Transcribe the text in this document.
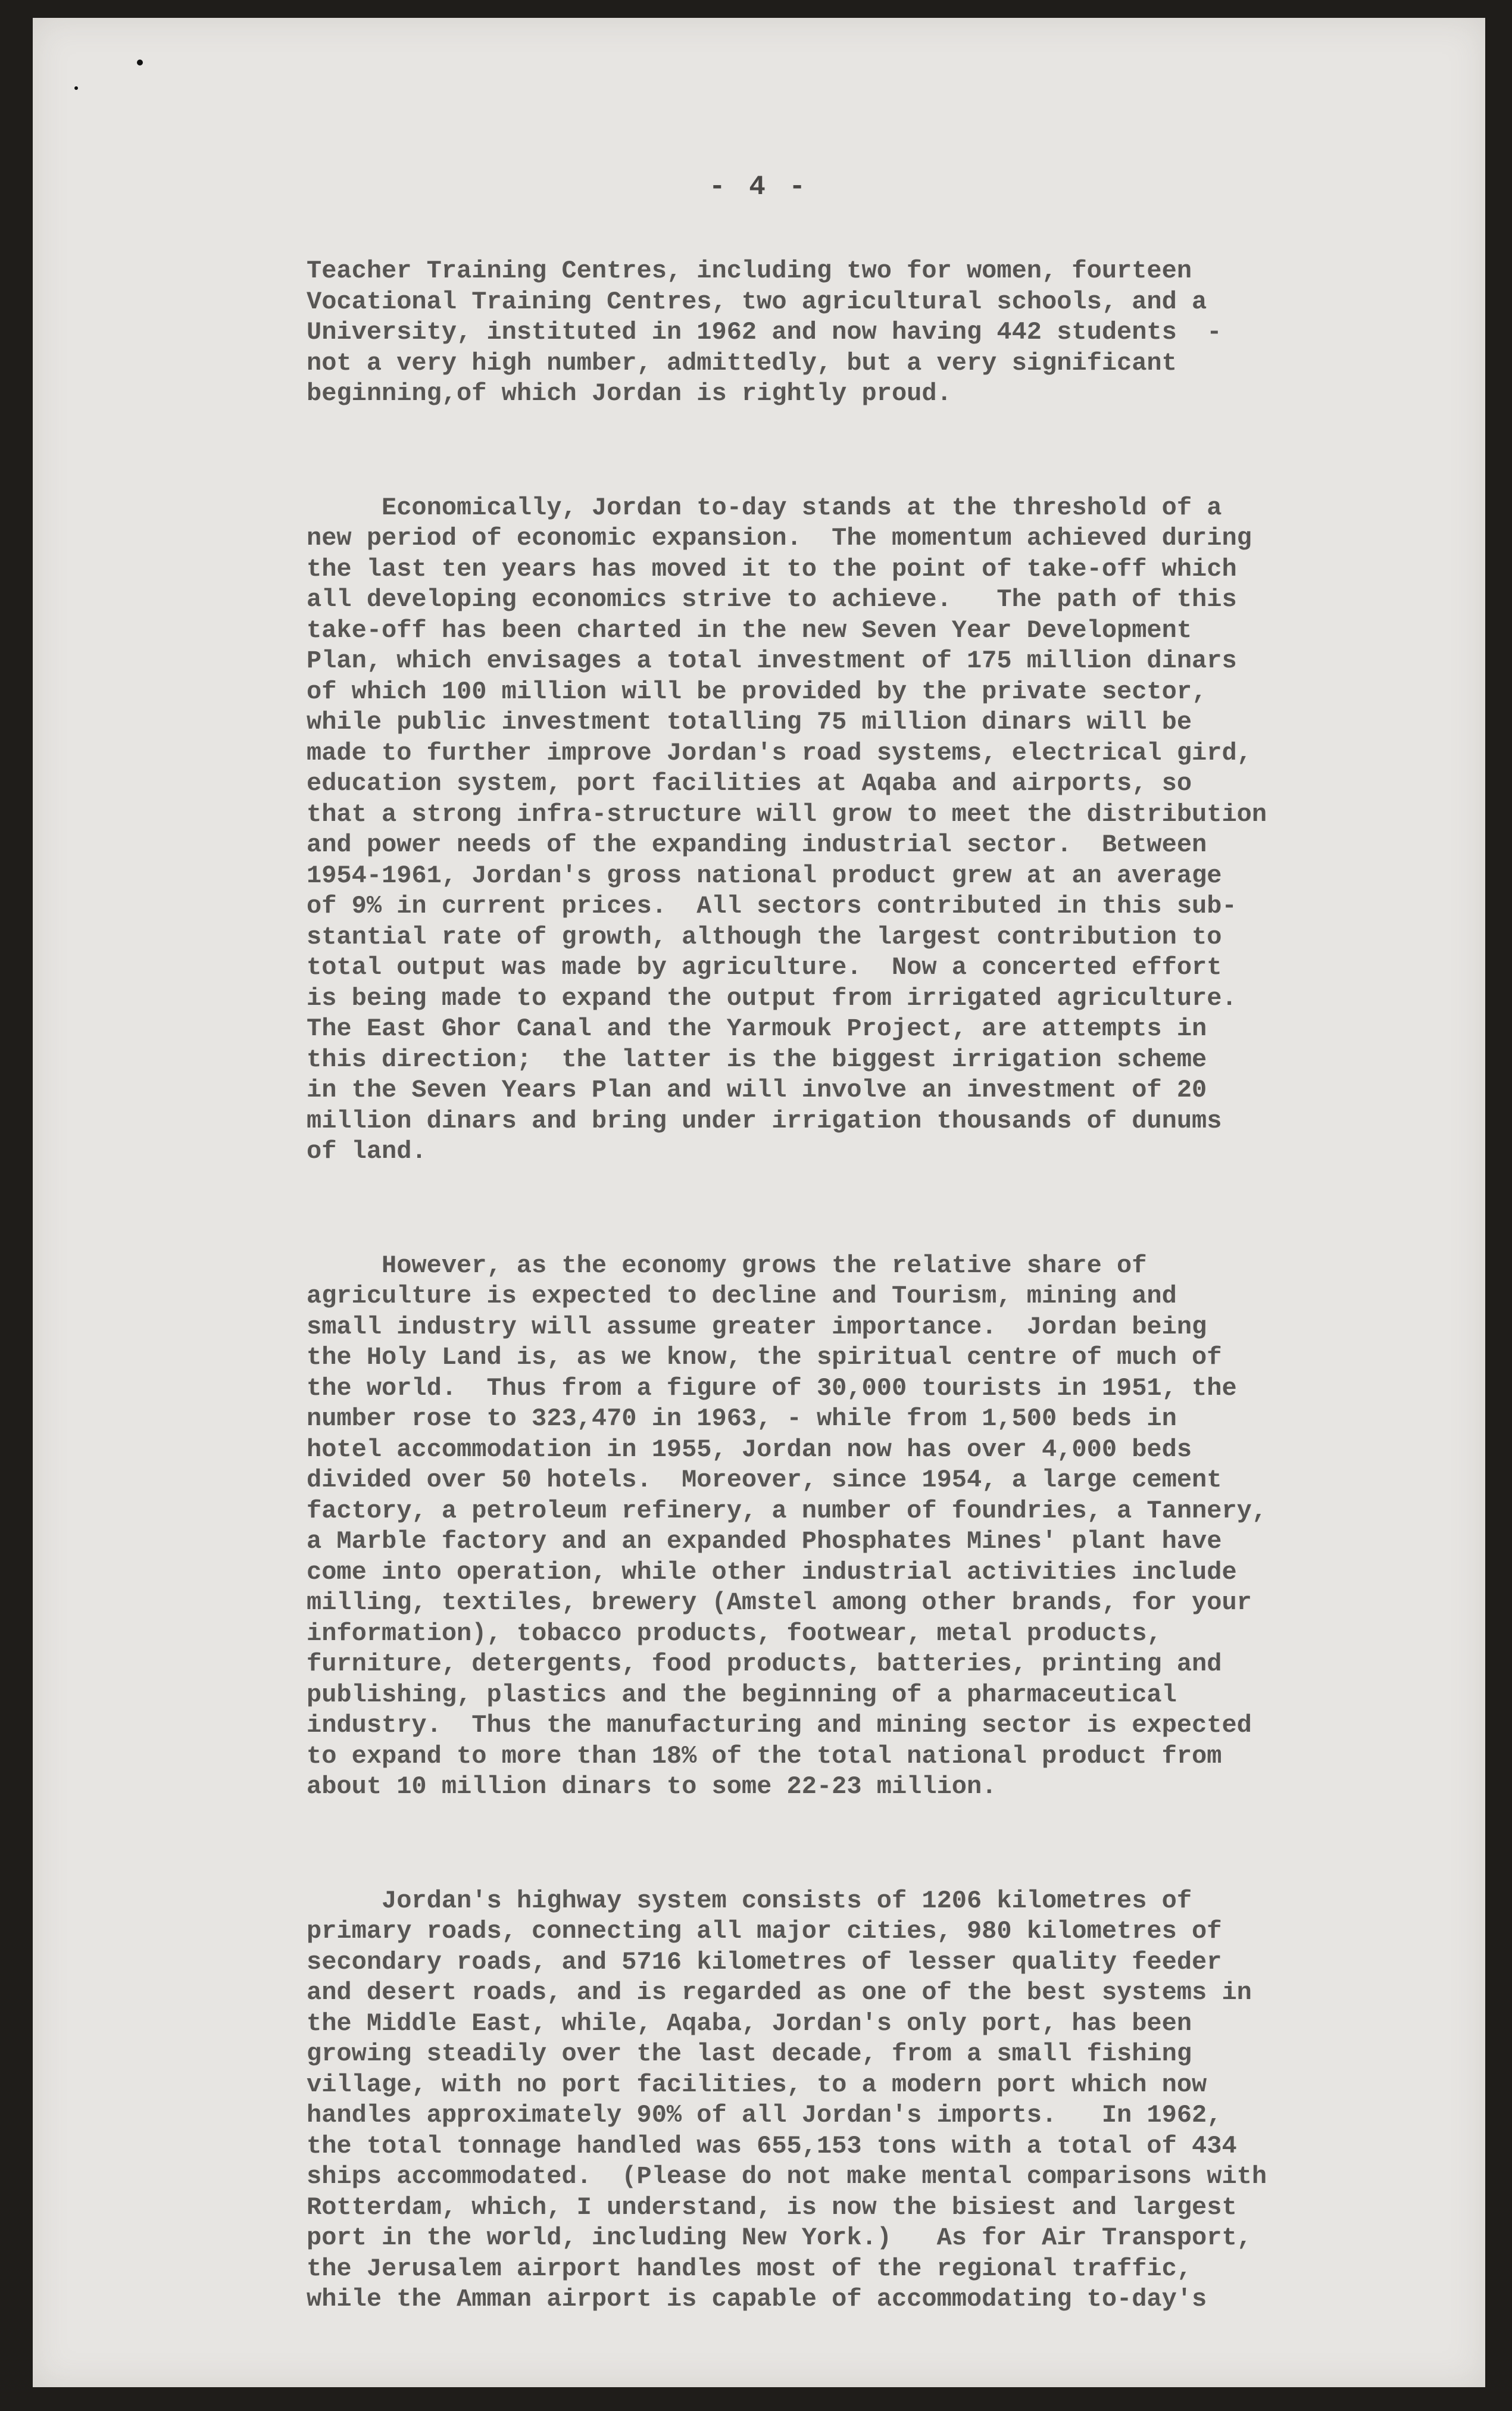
- 4 -

Teacher Training Centres, including two for women, fourteen
Vocational Training Centres, two agricultural schools, and a
University, instituted in 1962 and now having 442 students  -
not a very high number, admittedly, but a very significant
beginning,of which Jordan is rightly proud.

Economically, Jordan to-day stands at the threshold of a
new period of economic expansion.  The momentum achieved during
the last ten years has moved it to the point of take-off which
all developing economics strive to achieve.   The path of this
take-off has been charted in the new Seven Year Development
Plan, which envisages a total investment of 175 million dinars
of which 100 million will be provided by the private sector,
while public investment totalling 75 million dinars will be
made to further improve Jordan's road systems, electrical gird,
education system, port facilities at Aqaba and airports, so
that a strong infra-structure will grow to meet the distribution
and power needs of the expanding industrial sector.  Between
1954-1961, Jordan's gross national product grew at an average
of 9% in current prices.  All sectors contributed in this sub-
stantial rate of growth, although the largest contribution to
total output was made by agriculture.  Now a concerted effort
is being made to expand the output from irrigated agriculture.
The East Ghor Canal and the Yarmouk Project, are attempts in
this direction;  the latter is the biggest irrigation scheme
in the Seven Years Plan and will involve an investment of 20
million dinars and bring under irrigation thousands of dunums
of land.

However, as the economy grows the relative share of
agriculture is expected to decline and Tourism, mining and
small industry will assume greater importance.  Jordan being
the Holy Land is, as we know, the spiritual centre of much of
the world.  Thus from a figure of 30,000 tourists in 1951, the
number rose to 323,470 in 1963, - while from 1,500 beds in
hotel accommodation in 1955, Jordan now has over 4,000 beds
divided over 50 hotels.  Moreover, since 1954, a large cement
factory, a petroleum refinery, a number of foundries, a Tannery,
a Marble factory and an expanded Phosphates Mines' plant have
come into operation, while other industrial activities include
milling, textiles, brewery (Amstel among other brands, for your
information), tobacco products, footwear, metal products,
furniture, detergents, food products, batteries, printing and
publishing, plastics and the beginning of a pharmaceutical
industry.  Thus the manufacturing and mining sector is expected
to expand to more than 18% of the total national product from
about 10 million dinars to some 22-23 million.

Jordan's highway system consists of 1206 kilometres of
primary roads, connecting all major cities, 980 kilometres of
secondary roads, and 5716 kilometres of lesser quality feeder
and desert roads, and is regarded as one of the best systems in
the Middle East, while, Aqaba, Jordan's only port, has been
growing steadily over the last decade, from a small fishing
village, with no port facilities, to a modern port which now
handles approximately 90% of all Jordan's imports.   In 1962,
the total tonnage handled was 655,153 tons with a total of 434
ships accommodated.  (Please do not make mental comparisons with
Rotterdam, which, I understand, is now the bisiest and largest
port in the world, including New York.)   As for Air Transport,
the Jerusalem airport handles most of the regional traffic,
while the Amman airport is capable of accommodating to-day's
